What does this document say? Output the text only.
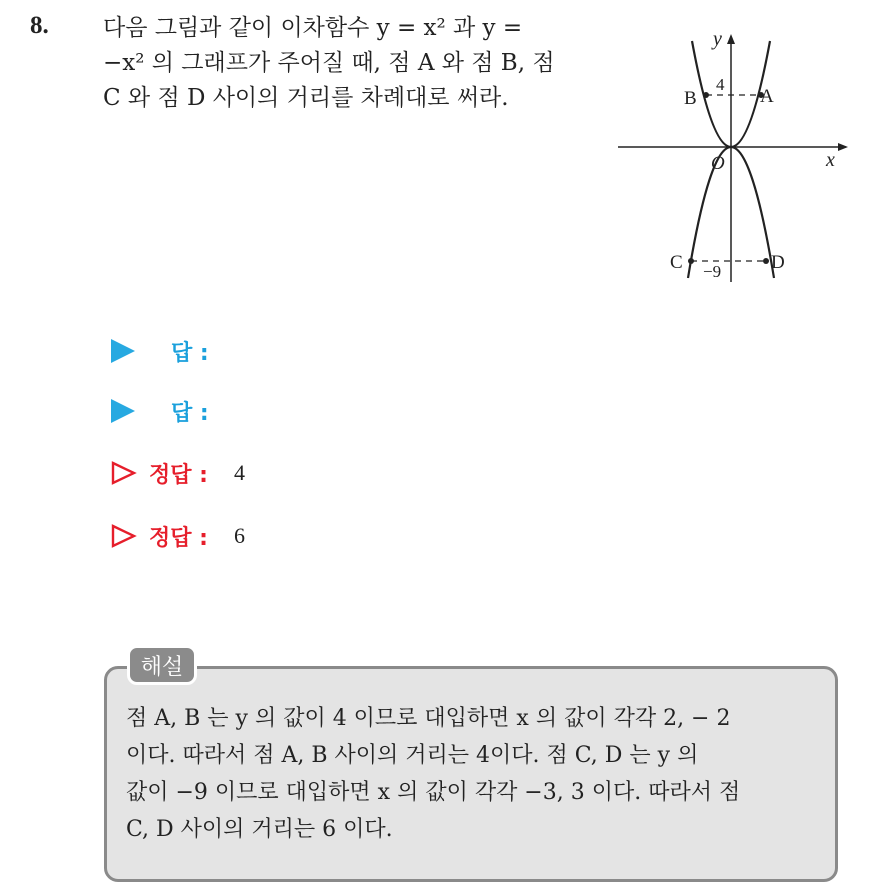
8. 다음 그림과 같이 이차함수 y = x² 과 y =
−x² 의 그래프가 주어질 때, 점 A 와 점 B, 점
C 와 점 D 사이의 거리를 차례대로 써라.
y
x
O
A
B
C	D
4
−9
답 :
답 :
정답 : 4
정답 : 6
해설
점 A, B 는 y 의 값이 4 이므로 대입하면 x 의 값이 각각 2, − 2
이다. 따라서 점 A, B 사이의 거리는 4이다. 점 C, D 는 y 의
값이 −9 이므로 대입하면 x 의 값이 각각 −3, 3 이다. 따라서 점
C, D 사이의 거리는 6 이다.
